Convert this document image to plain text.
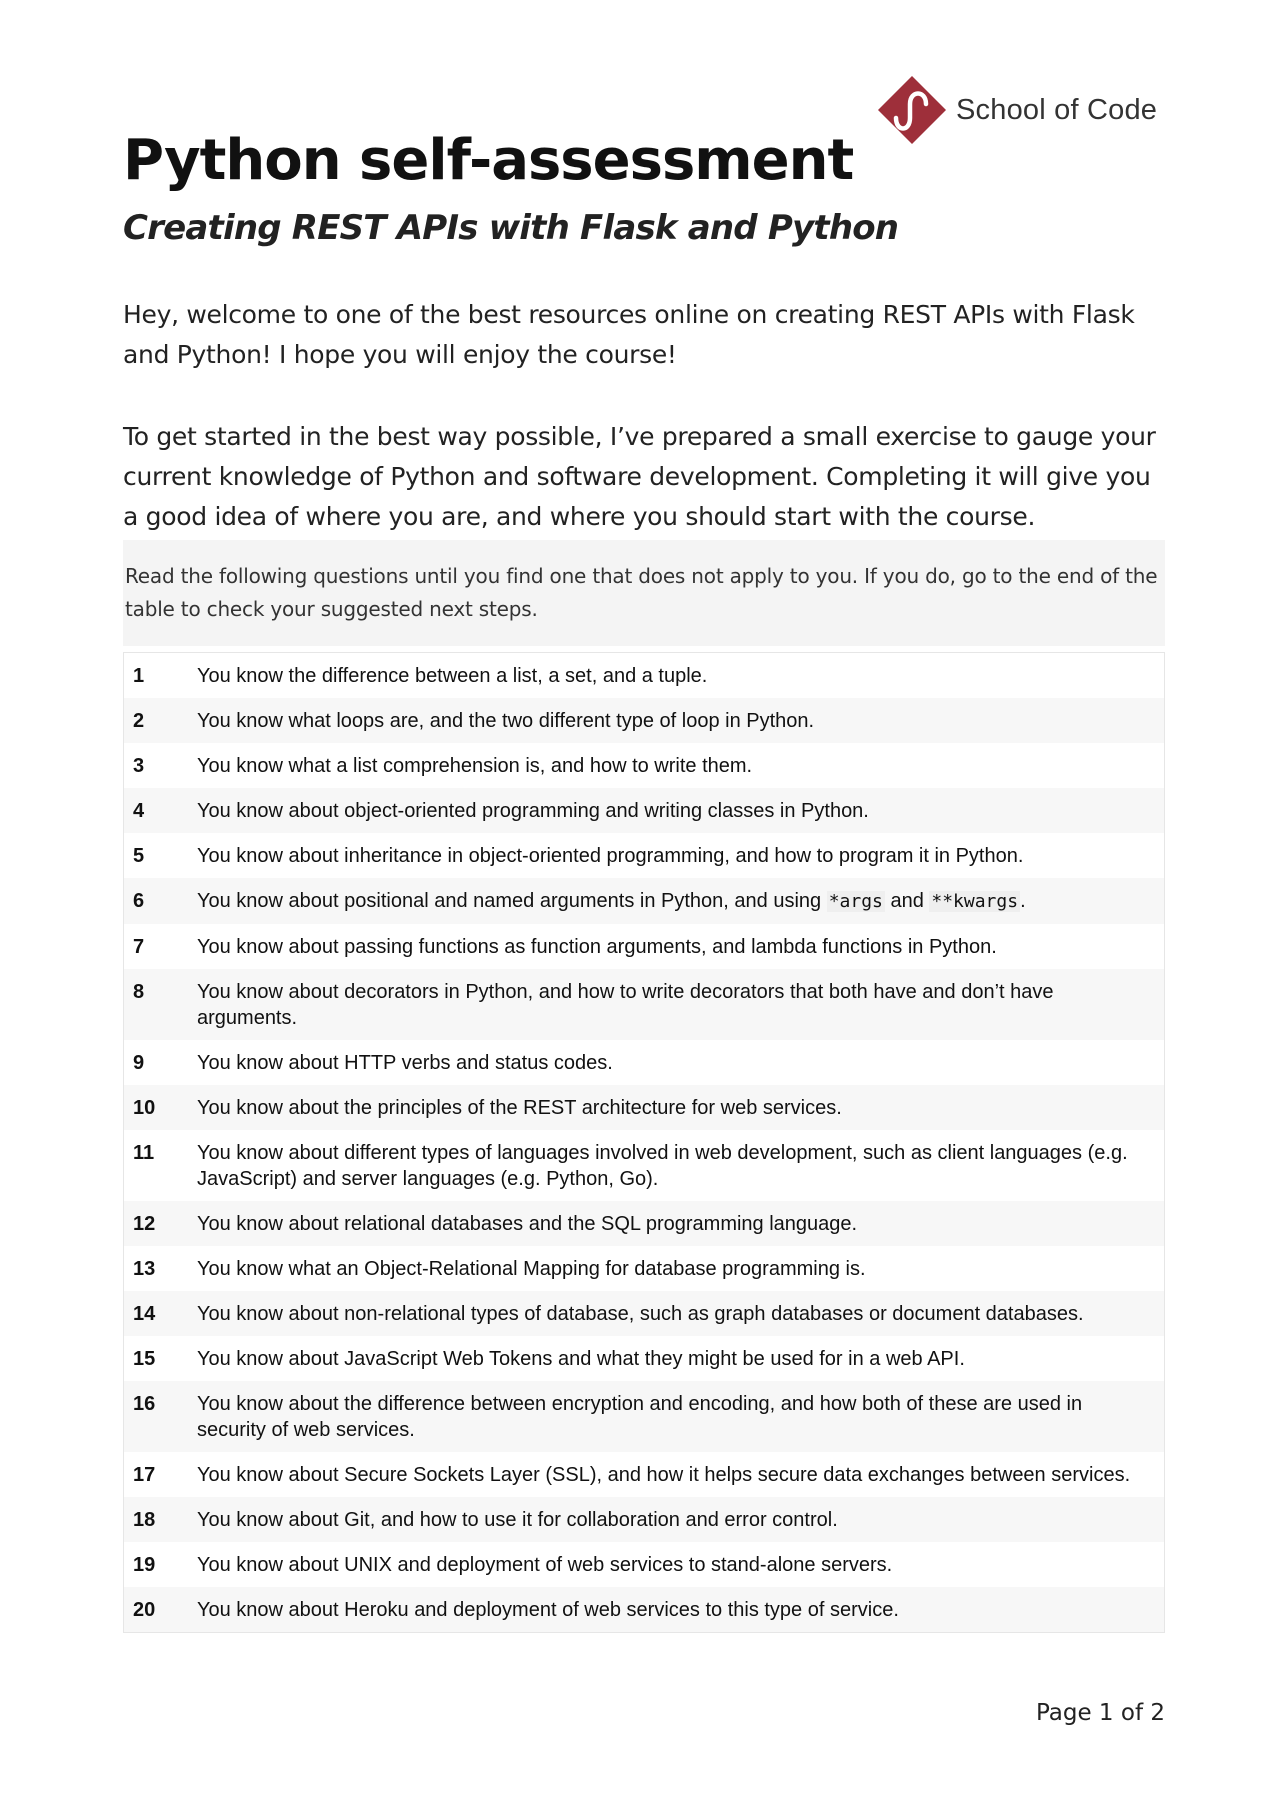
School of Code
Python self-assessment
Creating REST APIs with Flask and Python

Hey, welcome to one of the best resources online on creating REST APIs with Flask and Python! I hope you will enjoy the course!

To get started in the best way possible, I’ve prepared a small exercise to gauge your current knowledge of Python and software development. Completing it will give you a good idea of where you are, and where you should start with the course.

Read the following questions until you find one that does not apply to you. If you do, go to the end of the table to check your suggested next steps.

1	You know the difference between a list, a set, and a tuple.
2	You know what loops are, and the two different type of loop in Python.
3	You know what a list comprehension is, and how to write them.
4	You know about object-oriented programming and writing classes in Python.
5	You know about inheritance in object-oriented programming, and how to program it in Python.
6	You know about positional and named arguments in Python, and using *args and **kwargs .
7	You know about passing functions as function arguments, and lambda functions in Python.
8	You know about decorators in Python, and how to write decorators that both have and don’t have arguments.
9	You know about HTTP verbs and status codes.
10	You know about the principles of the REST architecture for web services.
11	You know about different types of languages involved in web development, such as client languages (e.g. JavaScript) and server languages (e.g. Python, Go).
12	You know about relational databases and the SQL programming language.
13	You know what an Object-Relational Mapping for database programming is.
14	You know about non-relational types of database, such as graph databases or document databases.
15	You know about JavaScript Web Tokens and what they might be used for in a web API.
16	You know about the difference between encryption and encoding, and how both of these are used in security of web services.
17	You know about Secure Sockets Layer (SSL), and how it helps secure data exchanges between services.
18	You know about Git, and how to use it for collaboration and error control.
19	You know about UNIX and deployment of web services to stand-alone servers.
20	You know about Heroku and deployment of web services to this type of service.
Page 1 of 2
